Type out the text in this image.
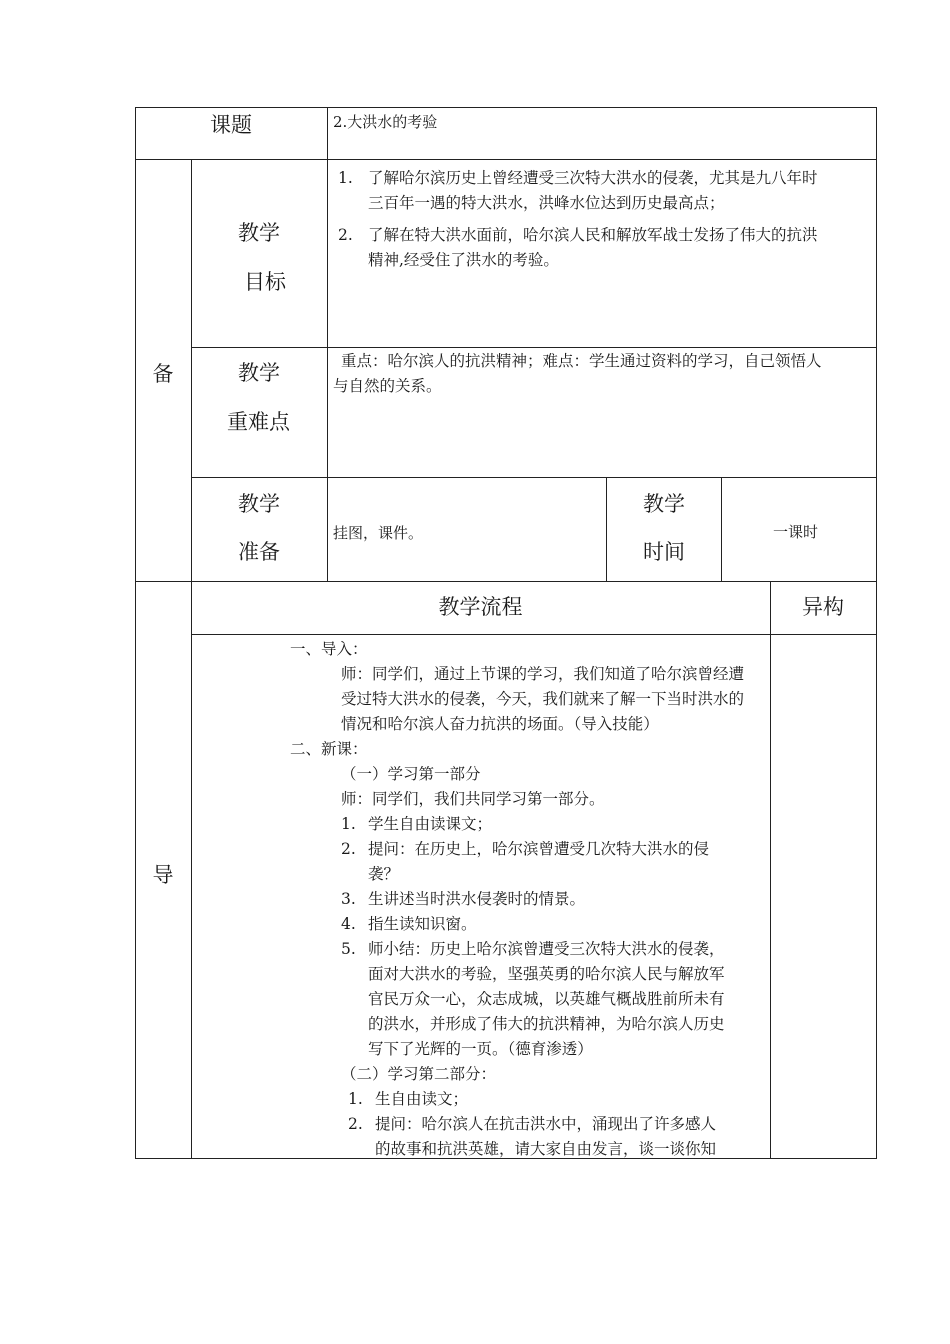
课题	2.大洪水的考验
备
教学
目标
1. 了解哈尔滨历史上曾经遭受三次特大洪水的侵袭，尤其是九八年时
三百年一遇的特大洪水，洪峰水位达到历史最高点；
2. 了解在特大洪水面前，哈尔滨人民和解放军战士发扬了伟大的抗洪
精神,经受住了洪水的考验。
教学
重难点
重点：哈尔滨人的抗洪精神；难点：学生通过资料的学习，自己领悟人
与自然的关系。
教学
准备
挂图，课件。
教学
时间
一课时
导
教学流程	异构
一、导入：
师：同学们，通过上节课的学习，我们知道了哈尔滨曾经遭
受过特大洪水的侵袭，今天，我们就来了解一下当时洪水的
情况和哈尔滨人奋力抗洪的场面。（导入技能）
二、新课：
（一）学习第一部分
师：同学们，我们共同学习第一部分。
1. 学生自由读课文；
2. 提问：在历史上，哈尔滨曾遭受几次特大洪水的侵
袭？
3. 生讲述当时洪水侵袭时的情景。
4. 指生读知识窗。
5. 师小结：历史上哈尔滨曾遭受三次特大洪水的侵袭，
面对大洪水的考验，坚强英勇的哈尔滨人民与解放军
官民万众一心，众志成城，以英雄气概战胜前所未有
的洪水，并形成了伟大的抗洪精神，为哈尔滨人历史
写下了光辉的一页。（德育渗透）
（二）学习第二部分：
1. 生自由读文；
2. 提问：哈尔滨人在抗击洪水中，涌现出了许多感人
的故事和抗洪英雄，请大家自由发言，谈一谈你知
